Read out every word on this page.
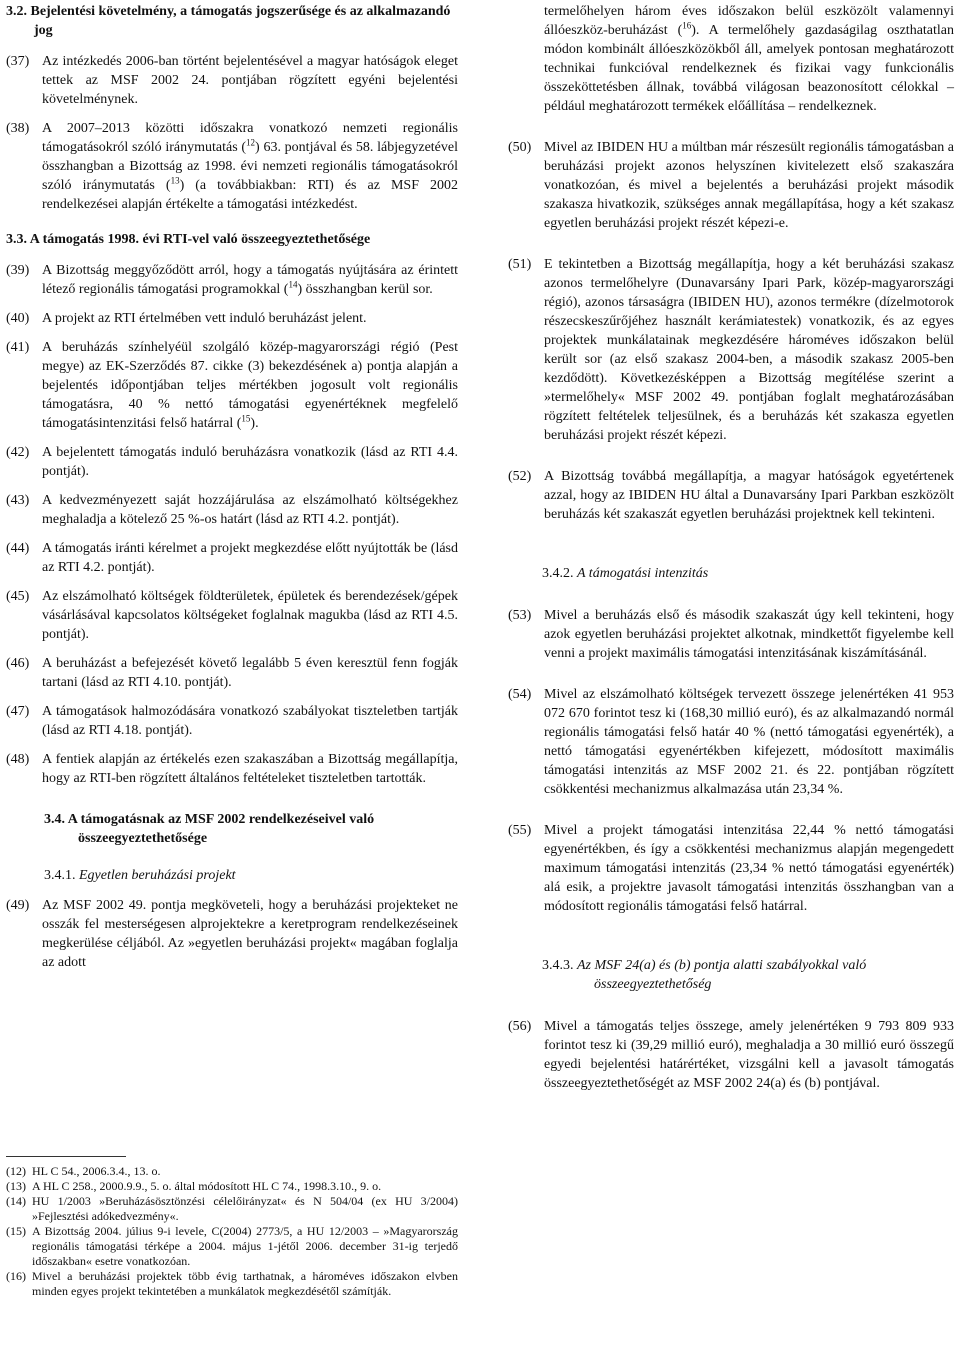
3.2. Bejelentési követelmény, a támogatás jogszerűsége és az alkalmazandó jog
(37) Az intézkedés 2006-ban történt bejelentésével a magyar hatóságok eleget tettek az MSF 2002 24. pontjában rögzített egyéni bejelentési követelménynek.
(38) A 2007–2013 közötti időszakra vonatkozó nemzeti regionális támogatásokról szóló iránymutatás ($^{12}$) 63. pontjával és 58. lábjegyzetével összhangban a Bizottság az 1998. évi nemzeti regionális támogatásokról szóló iránymutatás ($^{13}$) (a továbbiakban: RTI) és az MSF 2002 rendelkezései alapján értékelte a támogatási intézkedést.
3.3. A támogatás 1998. évi RTI-vel való összeegyeztethetősége
(39) A Bizottság meggyőződött arról, hogy a támogatás nyújtására az érintett létező regionális támogatási programokkal ($^{14}$) összhangban kerül sor.
(40) A projekt az RTI értelmében vett induló beruházást jelent.
(41) A beruházás színhelyéül szolgáló közép-magyarországi régió (Pest megye) az EK-Szerződés 87. cikke (3) bekezdésének a) pontja alapján a bejelentés időpontjában teljes mértékben jogosult volt regionális támogatásra, 40 % nettó támogatási egyenértéknek megfelelő támogatásintenzitási felső határral ($^{15}$).
(42) A bejelentett támogatás induló beruházásra vonatkozik (lásd az RTI 4.4. pontját).
(43) A kedvezményezett saját hozzájárulása az elszámolható költségekhez meghaladja a kötelező 25 %-os határt (lásd az RTI 4.2. pontját).
(44) A támogatás iránti kérelmet a projekt megkezdése előtt nyújtották be (lásd az RTI 4.2. pontját).
(45) Az elszámolható költségek földterületek, épületek és berendezések/gépek vásárlásával kapcsolatos költségeket foglalnak magukba (lásd az RTI 4.5. pontját).
(46) A beruházást a befejezését követő legalább 5 éven keresztül fenn fogják tartani (lásd az RTI 4.10. pontját).
(47) A támogatások halmozódására vonatkozó szabályokat tiszteletben tartják (lásd az RTI 4.18. pontját).
(48) A fentiek alapján az értékelés ezen szakaszában a Bizottság megállapítja, hogy az RTI-ben rögzített általános feltételeket tiszteletben tartották.
3.4. A támogatásnak az MSF 2002 rendelkezéseivel való összeegyeztethetősége
3.4.1. Egyetlen beruházási projekt
(49) Az MSF 2002 49. pontja megköveteli, hogy a beruházási projekteket ne osszák fel mesterségesen alprojektekre a keretprogram rendelkezéseinek megkerülése céljából. Az »egyetlen beruházási projekt« magában foglalja az adott

(12) HL C 54., 2006.3.4., 13. o.

(13) A HL C 258., 2000.9.9., 5. o. által módosított HL C 74., 1998.3.10., 9. o.

(14) HU 1/2003 »Beruházásösztönzési célelőirányzat« és N 504/04 (ex HU 3/2004) »Fejlesztési adókedvezmény«.

(15) A Bizottság 2004. július 9-i levele, C(2004) 2773/5, a HU 12/2003 – »Magyarország regionális támogatási térképe a 2004. május 1-jétől 2006. december 31-ig terjedő időszakban« esetre vonatkozóan.

(16) Mivel a beruházási projektek több évig tarthatnak, a hároméves időszakon elvben minden egyes projekt tekintetében a munkálatok megkezdésétől számítják.

termelőhelyen három éves időszakon belül eszközölt valamennyi állóeszköz-beruházást ($^{16}$). A termelőhely gazdaságilag oszthatatlan módon kombinált állóeszközökből áll, amelyek pontosan meghatározott technikai funkcióval rendelkeznek és fizikai vagy funkcionális összeköttetésben állnak, továbbá világosan beazonosított célokkal – például meghatározott termékek előállítása – rendelkeznek.
(50) Mivel az IBIDEN HU a múltban már részesült regionális támogatásban a beruházási projekt azonos helyszínen kivitelezett első szakaszára vonatkozóan, és mivel a bejelentés a beruházási projekt második szakasza hivatkozik, szükséges annak megállapítása, hogy a két szakasz egyetlen beruházási projekt részét képezi-e.
(51) E tekintetben a Bizottság megállapítja, hogy a két beruházási szakasz azonos termelőhelyre (Dunavarsány Ipari Park, közép-magyarországi régió), azonos társaságra (IBIDEN HU), azonos termékre (dízelmotorok részecskeszűrőjéhez használt kerámiatestek) vonatkozik, és az egyes projektek munkálatainak megkezdésére hároméves időszakon belül került sor (az első szakasz 2004-ben, a második szakasz 2005-ben kezdődött). Következésképpen a Bizottság megítélése szerint a »termelőhely« MSF 2002 49. pontjában foglalt meghatározásában rögzített feltételek teljesülnek, és a beruházás két szakasza egyetlen beruházási projekt részét képezi.
(52) A Bizottság továbbá megállapítja, a magyar hatóságok egyetértenek azzal, hogy az IBIDEN HU által a Dunavarsány Ipari Parkban eszközölt beruházás két szakaszát egyetlen beruházási projektnek kell tekinteni.
3.4.2. A támogatási intenzitás
(53) Mivel a beruházás első és második szakaszát úgy kell tekinteni, hogy azok egyetlen beruházási projektet alkotnak, mindkettőt figyelembe kell venni a projekt maximális támogatási intenzitásának kiszámításánál.
(54) Mivel az elszámolható költségek tervezett összege jelenértéken 41 953 072 670 forintot tesz ki (168,30 millió euró), és az alkalmazandó normál regionális támogatási felső határ 40 % (nettó támogatási egyenérték), a nettó támogatási egyenértékben kifejezett, módosított maximális támogatási intenzitás az MSF 2002 21. és 22. pontjában rögzített csökkentési mechanizmus alkalmazása után 23,34 %.
(55) Mivel a projekt támogatási intenzitása 22,44 % nettó támogatási egyenértékben, és így a csökkentési mechanizmus alapján megengedett maximum támogatási intenzitás (23,34 % nettó támogatási egyenérték) alá esik, a projektre javasolt támogatási intenzitás összhangban van a módosított regionális támogatási felső határral.
3.4.3. Az MSF 24(a) és (b) pontja alatti szabályokkal való összeegyeztethetőség
(56) Mivel a támogatás teljes összege, amely jelenértéken 9 793 809 933 forintot tesz ki (39,29 millió euró), meghaladja a 30 millió euró összegű egyedi bejelentési határértéket, vizsgálni kell a javasolt támogatás összeegyeztethetőségét az MSF 2002 24(a) és (b) pontjával.
